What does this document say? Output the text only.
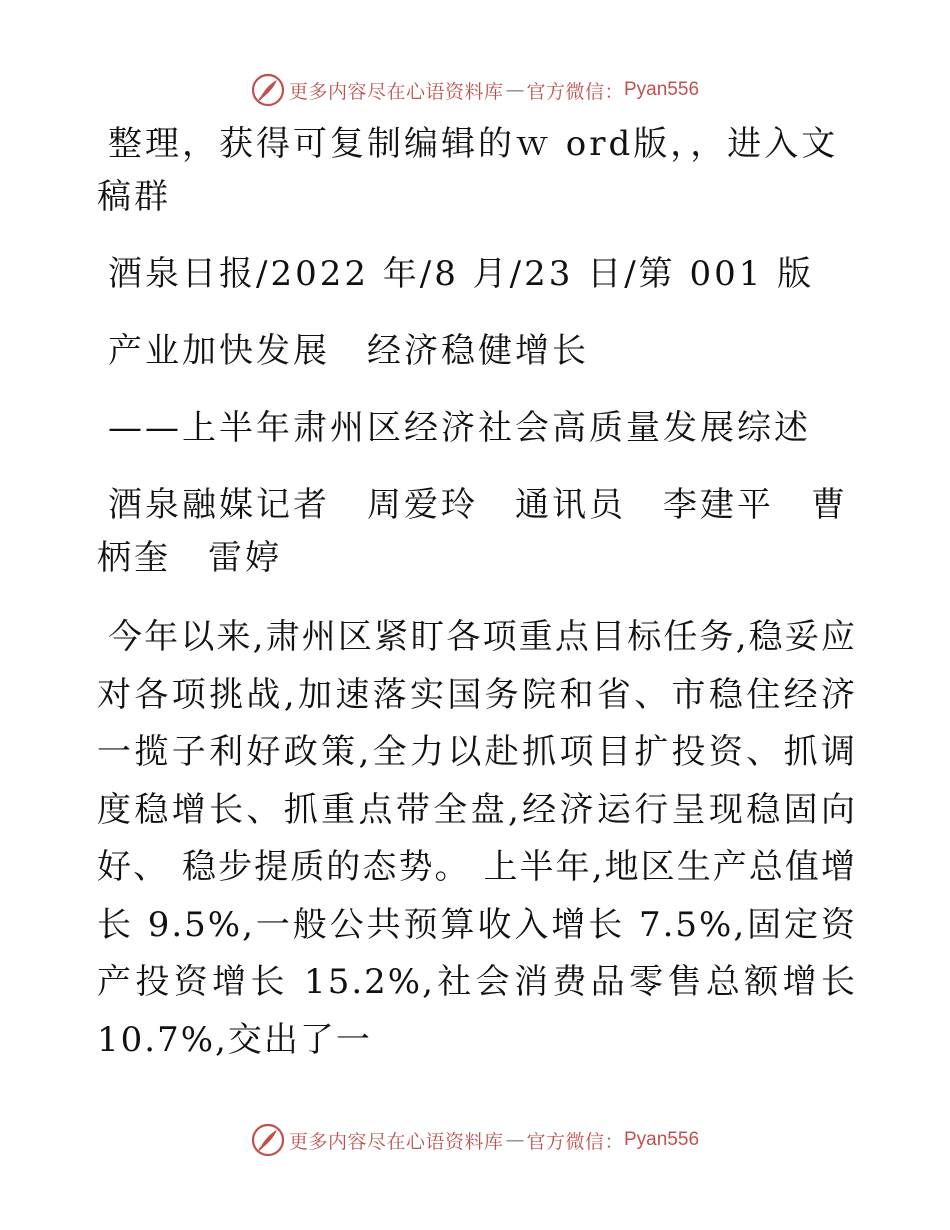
更多内容尽在心语资料库 — 官方微信： Pyan556

整理，获得可复制编辑的ｗ ord版，，进入文稿群

酒泉日报/2022 年/8 月/23 日/第 001 版

产业加快发展　经济稳健增长

——上半年肃州区经济社会高质量发展综述

酒泉融媒记者　周爱玲　通讯员　李建平　曹柄奎　雷婷

今年以来,肃州区紧盯各项重点目标任务,稳妥应对各项挑战,加速落实国务院和省、市稳住经济一揽子利好政策,全力以赴抓项目扩投资、抓调度稳增长、抓重点带全盘,经济运行呈现稳固向好、 稳步提质的态势。 上半年,地区生产总值增长 9.5%,一般公共预算收入增长 7.5%,固定资产投资增长 15.2%,社会消费品零售总额增长 10.7%,交出了一

更多内容尽在心语资料库 — 官方微信： Pyan556
